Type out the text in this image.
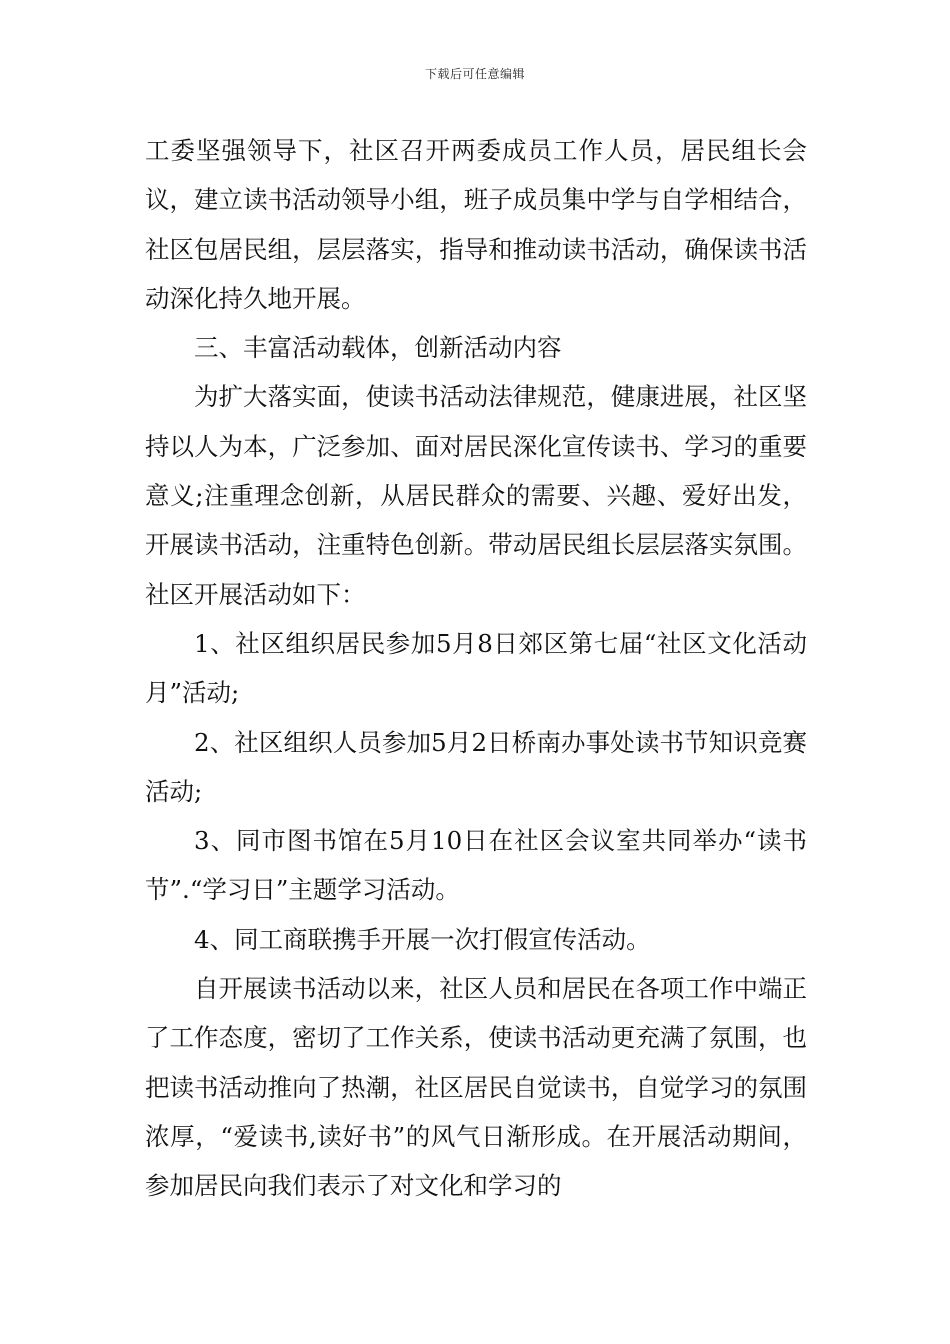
下载后可任意编辑

工委坚强领导下，社区召开两委成员工作人员，居民组长会议，建立读书活动领导小组，班子成员集中学与自学相结合，社区包居民组，层层落实，指导和推动读书活动，确保读书活动深化持久地开展。

三、丰富活动载体，创新活动内容

为扩大落实面，使读书活动法律规范，健康进展，社区坚持以人为本，广泛参加、面对居民深化宣传读书、学习的重要意义;注重理念创新，从居民群众的需要、兴趣、爱好出发，开展读书活动，注重特色创新。带动居民组长层层落实氛围。社区开展活动如下：

1、社区组织居民参加5月8日郊区第七届“社区文化活动月”活动;

2、社区组织人员参加5月2日桥南办事处读书节知识竞赛活动;

3、同市图书馆在5月10日在社区会议室共同举办“读书节”.“学习日”主题学习活动。

4、同工商联携手开展一次打假宣传活动。

自开展读书活动以来，社区人员和居民在各项工作中端正了工作态度，密切了工作关系，使读书活动更充满了氛围，也把读书活动推向了热潮，社区居民自觉读书，自觉学习的氛围浓厚，“爱读书,读好书”的风气日渐形成。在开展活动期间，参加居民向我们表示了对文化和学习的
